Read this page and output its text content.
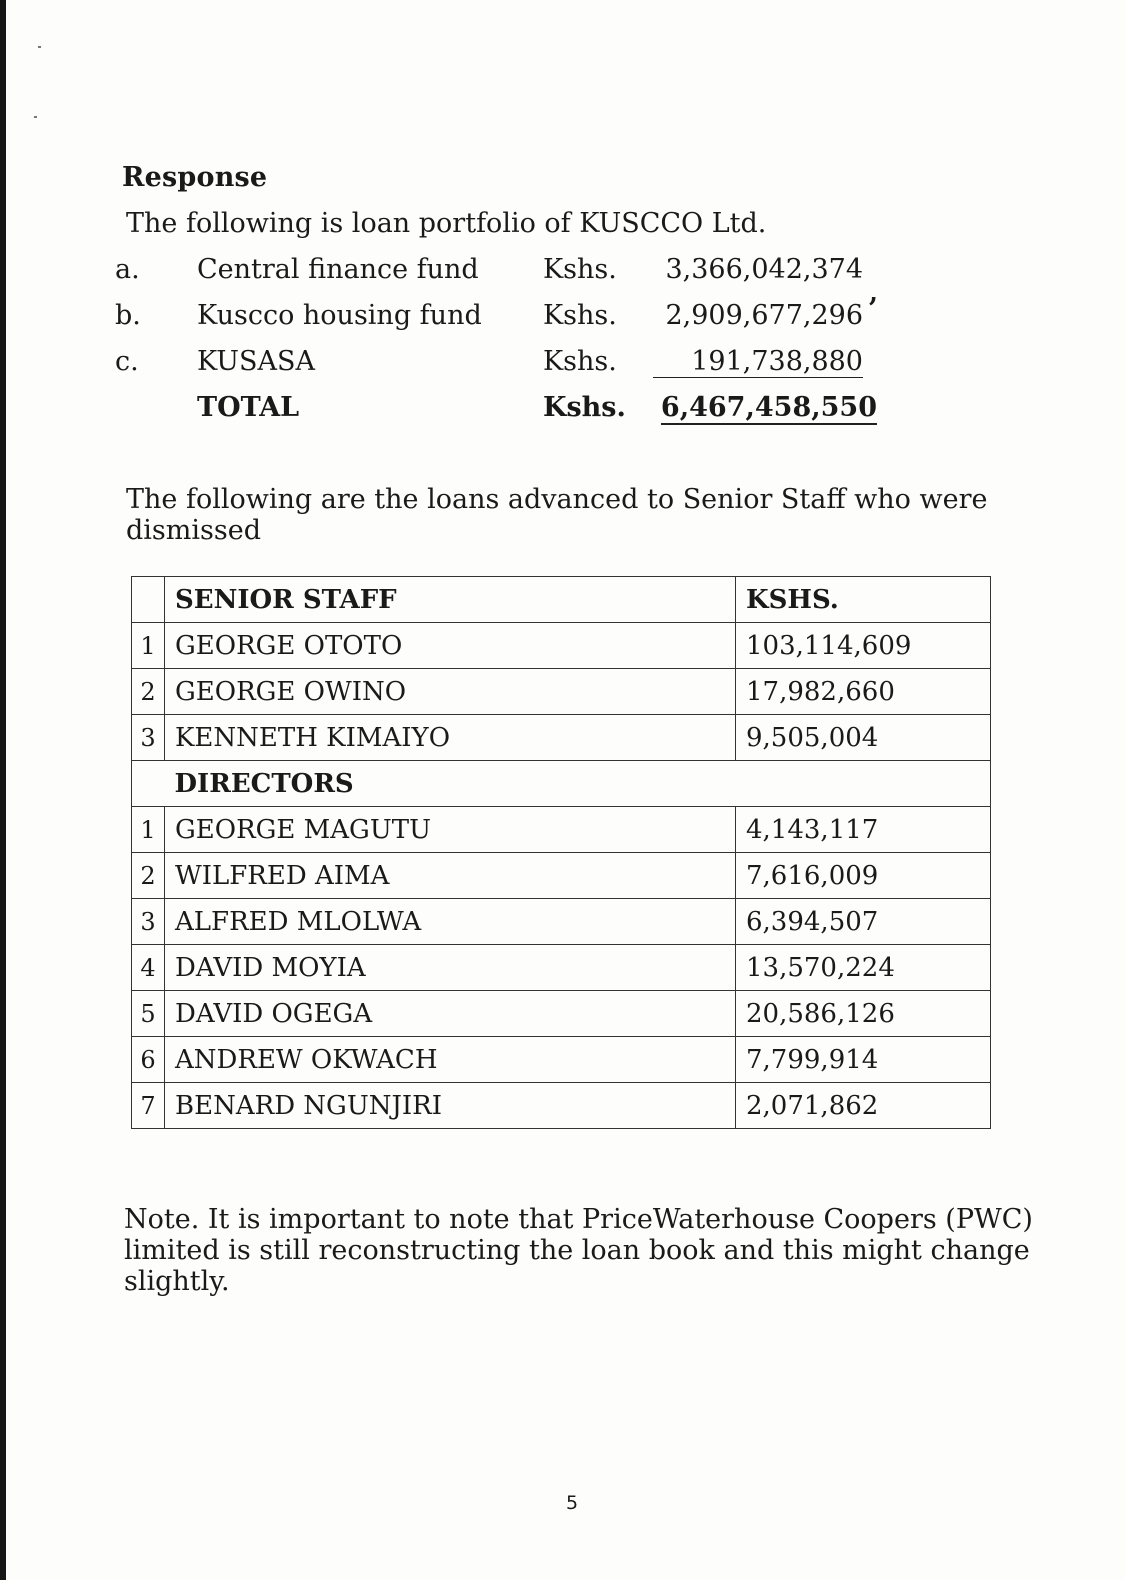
Response
The following is loan portfolio of KUSCCO Ltd.
a. Central finance fund Kshs. 3,366,042,374
,
b. Kuscco housing fund Kshs. 2,909,677,296
c. KUSASA	Kshs.	191,738,880
TOTAL	Kshs. 6,467,458,550
The following are the loans advanced to Senior Staff who were dismissed
	SENIOR STAFF	KSHS.
1	GEORGE OTOTO	103,114,609
2	GEORGE OWINO	17,982,660
3	KENNETH KIMAIYO	9,505,004
	DIRECTORS	
1	GEORGE MAGUTU	4,143,117
2	WILFRED AIMA	7,616,009
3	ALFRED MLOLWA	6,394,507
4	DAVID MOYIA	13,570,224
5	DAVID OGEGA	20,586,126
6	ANDREW OKWACH	7,799,914
7	BENARD NGUNJIRI	2,071,862
Note. It is important to note that PriceWaterhouse Coopers (PWC) limited is still reconstructing the loan book and this might change slightly.
5
